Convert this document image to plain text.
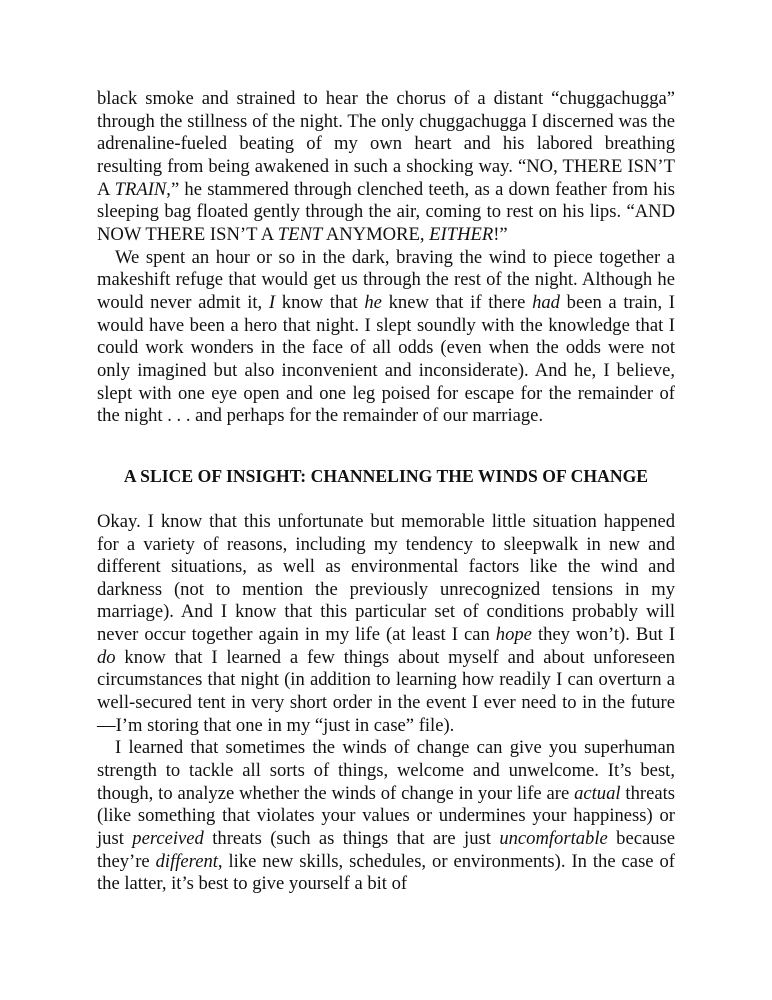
black smoke and strained to hear the chorus of a distant “chuggachugga” through the stillness of the night. The only chuggachugga I discerned was the adrenaline-fueled beating of my own heart and his labored breathing resulting from being awakened in such a shocking way. “NO, THERE ISN’T A TRAIN,” he stammered through clenched teeth, as a down feather from his sleeping bag floated gently through the air, coming to rest on his lips. “AND NOW THERE ISN’T A TENT ANYMORE, EITHER!”

We spent an hour or so in the dark, braving the wind to piece together a makeshift refuge that would get us through the rest of the night. Although he would never admit it, I know that he knew that if there had been a train, I would have been a hero that night. I slept soundly with the knowledge that I could work wonders in the face of all odds (even when the odds were not only imagined but also inconvenient and inconsiderate). And he, I believe, slept with one eye open and one leg poised for escape for the remainder of the night . . . and perhaps for the remainder of our marriage.

A SLICE OF INSIGHT: CHANNELING THE WINDS OF CHANGE

Okay. I know that this unfortunate but memorable little situation happened for a variety of reasons, including my tendency to sleepwalk in new and different situations, as well as environmental factors like the wind and darkness (not to mention the previously unrecognized tensions in my marriage). And I know that this particular set of conditions probably will never occur together again in my life (at least I can hope they won’t). But I do know that I learned a few things about myself and about unforeseen circumstances that night (in addition to learning how readily I can overturn a well-secured tent in very short order in the event I ever need to in the future—I’m storing that one in my “just in case” file).

I learned that sometimes the winds of change can give you superhuman strength to tackle all sorts of things, welcome and unwelcome. It’s best, though, to analyze whether the winds of change in your life are actual threats (like something that violates your values or undermines your happiness) or just perceived threats (such as things that are just uncomfortable because they’re different, like new skills, schedules, or environments). In the case of the latter, it’s best to give yourself a bit of
